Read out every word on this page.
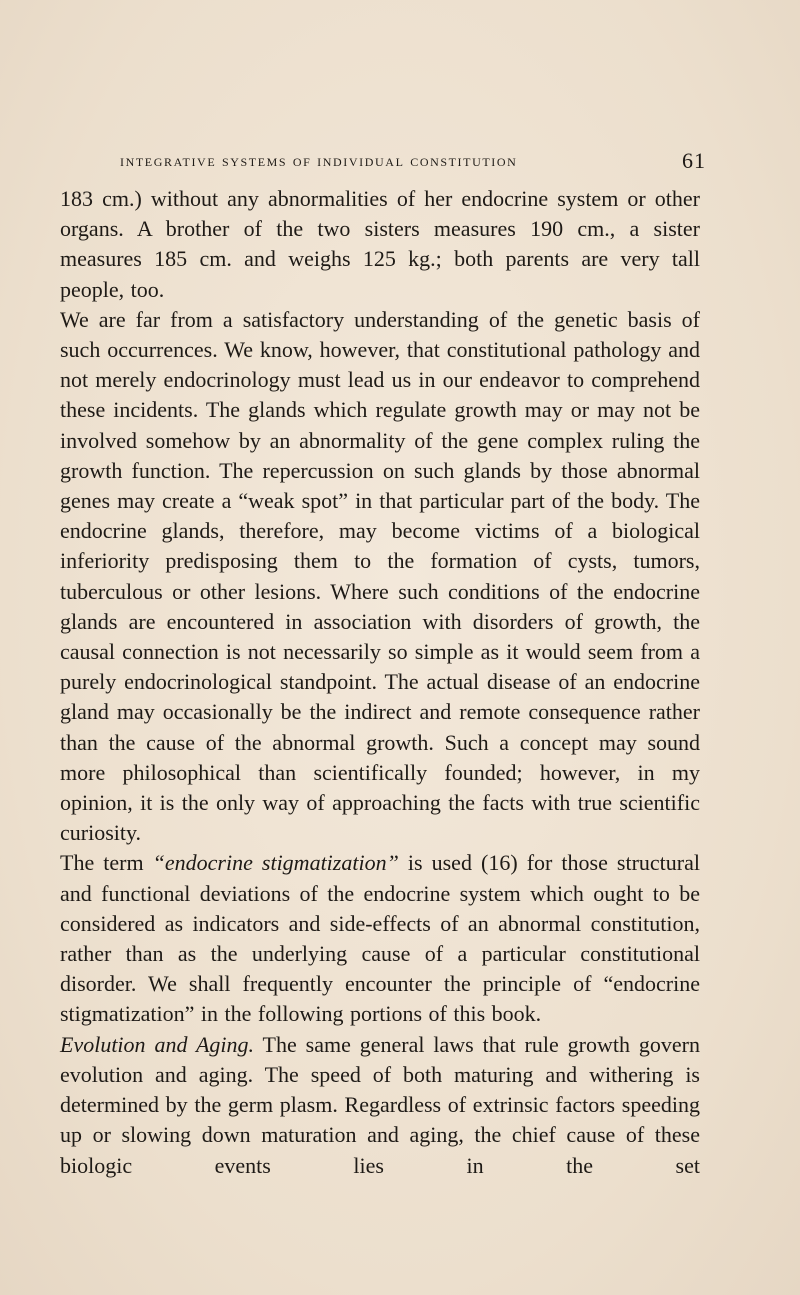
integrative systems of individual constitution	61

183 cm.) without any abnormalities of her endocrine system or other organs. A brother of the two sisters measures 190 cm., a sister measures 185 cm. and weighs 125 kg.; both parents are very tall people, too.

We are far from a satisfactory understanding of the genetic basis of such occurrences. We know, however, that constitutional pathology and not merely endocrinology must lead us in our endeavor to comprehend these incidents. The glands which regulate growth may or may not be involved somehow by an abnormality of the gene complex ruling the growth function. The repercussion on such glands by those abnormal genes may create a “weak spot” in that particular part of the body. The endocrine glands, therefore, may become victims of a biological inferiority predisposing them to the formation of cysts, tumors, tuberculous or other lesions. Where such conditions of the endocrine glands are encountered in association with disorders of growth, the causal connection is not necessarily so simple as it would seem from a purely endocrinological standpoint. The actual disease of an endocrine gland may occasionally be the indirect and remote consequence rather than the cause of the abnormal growth. Such a concept may sound more philosophical than scientifically founded; however, in my opinion, it is the only way of approaching the facts with true scientific curiosity.

The term “endocrine stigmatization” is used (16) for those structural and functional deviations of the endocrine system which ought to be considered as indicators and side-effects of an abnormal constitution, rather than as the underlying cause of a particular constitutional disorder. We shall frequently encounter the principle of “endocrine stigmatization” in the following portions of this book.

Evolution and Aging. The same general laws that rule growth govern evolution and aging. The speed of both maturing and withering is determined by the germ plasm. Regardless of extrinsic factors speeding up or slowing down maturation and aging, the chief cause of these biologic events lies in the set
